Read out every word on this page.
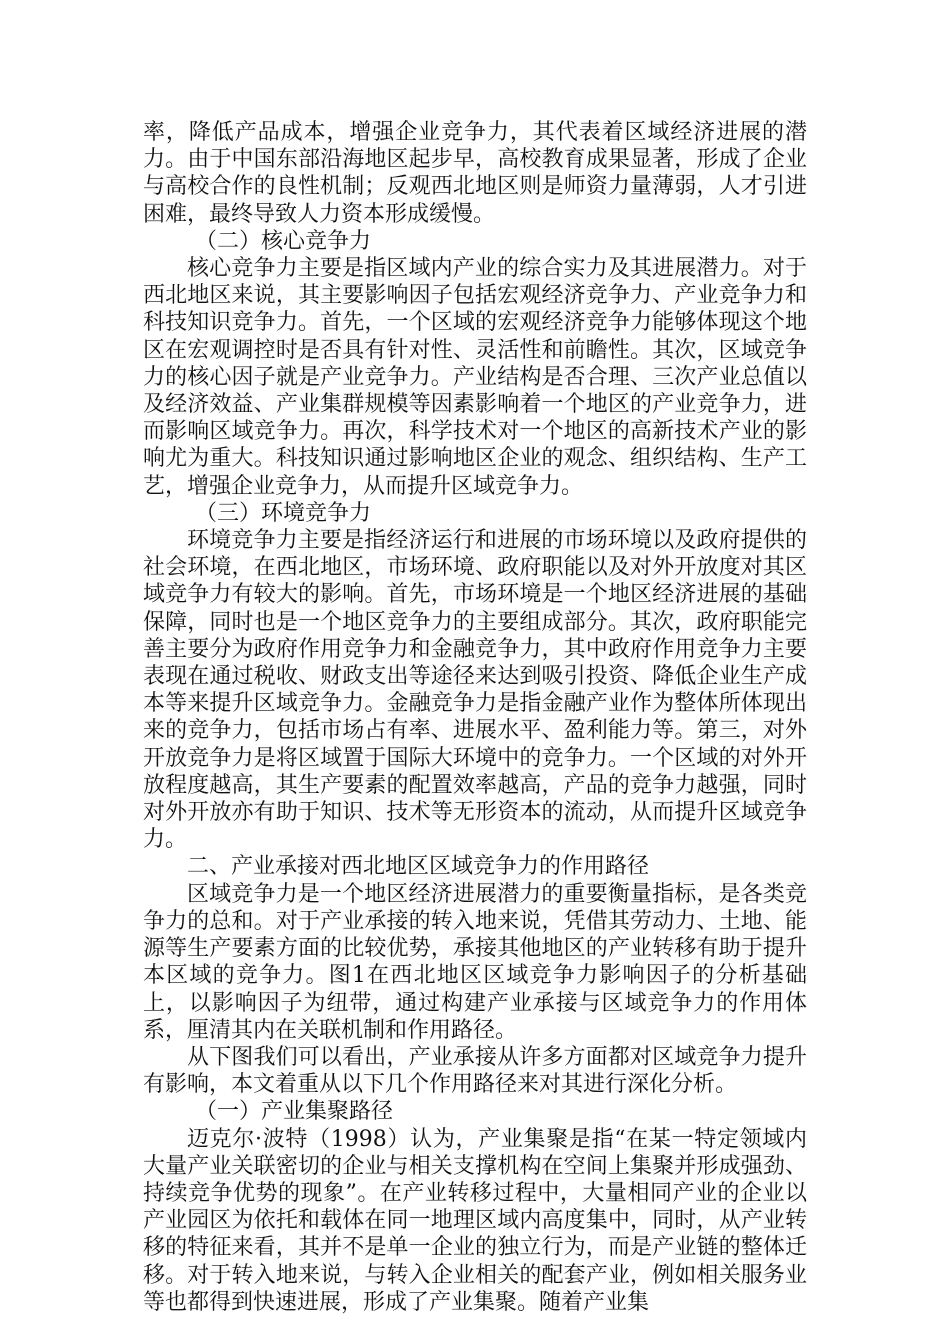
率，降低产品成本，增强企业竞争力，其代表着区域经济进展的潜力。由于中国东部沿海地区起步早，高校教育成果显著，形成了企业与高校合作的良性机制；反观西北地区则是师资力量薄弱，人才引进困难，最终导致人力资本形成缓慢。

（二）核心竞争力

核心竞争力主要是指区域内产业的综合实力及其进展潜力。对于西北地区来说，其主要影响因子包括宏观经济竞争力、产业竞争力和科技知识竞争力。首先，一个区域的宏观经济竞争力能够体现这个地区在宏观调控时是否具有针对性、灵活性和前瞻性。其次，区域竞争力的核心因子就是产业竞争力。产业结构是否合理、三次产业总值以及经济效益、产业集群规模等因素影响着一个地区的产业竞争力，进而影响区域竞争力。再次，科学技术对一个地区的高新技术产业的影响尤为重大。科技知识通过影响地区企业的观念、组织结构、生产工艺，增强企业竞争力，从而提升区域竞争力。

（三）环境竞争力

环境竞争力主要是指经济运行和进展的市场环境以及政府提供的社会环境，在西北地区，市场环境、政府职能以及对外开放度对其区域竞争力有较大的影响。首先，市场环境是一个地区经济进展的基础保障，同时也是一个地区竞争力的主要组成部分。其次，政府职能完善主要分为政府作用竞争力和金融竞争力，其中政府作用竞争力主要表现在通过税收、财政支出等途径来达到吸引投资、降低企业生产成本等来提升区域竞争力。金融竞争力是指金融产业作为整体所体现出来的竞争力，包括市场占有率、进展水平、盈利能力等。第三，对外开放竞争力是将区域置于国际大环境中的竞争力。一个区域的对外开放程度越高，其生产要素的配置效率越高，产品的竞争力越强，同时对外开放亦有助于知识、技术等无形资本的流动，从而提升区域竞争力。

二、产业承接对西北地区区域竞争力的作用路径

区域竞争力是一个地区经济进展潜力的重要衡量指标，是各类竞争力的总和。对于产业承接的转入地来说，凭借其劳动力、土地、能源等生产要素方面的比较优势，承接其他地区的产业转移有助于提升本区域的竞争力。图1在西北地区区域竞争力影响因子的分析基础上，以影响因子为纽带，通过构建产业承接与区域竞争力的作用体系，厘清其内在关联机制和作用路径。

从下图我们可以看出，产业承接从许多方面都对区域竞争力提升有影响，本文着重从以下几个作用路径来对其进行深化分析。

（一）产业集聚路径

迈克尔·波特（1998）认为，产业集聚是指“在某一特定领域内大量产业关联密切的企业与相关支撑机构在空间上集聚并形成强劲、持续竞争优势的现象”。在产业转移过程中，大量相同产业的企业以产业园区为依托和载体在同一地理区域内高度集中，同时，从产业转移的特征来看，其并不是单一企业的独立行为，而是产业链的整体迁移。对于转入地来说，与转入企业相关的配套产业，例如相关服务业等也都得到快速进展，形成了产业集聚。随着产业集
